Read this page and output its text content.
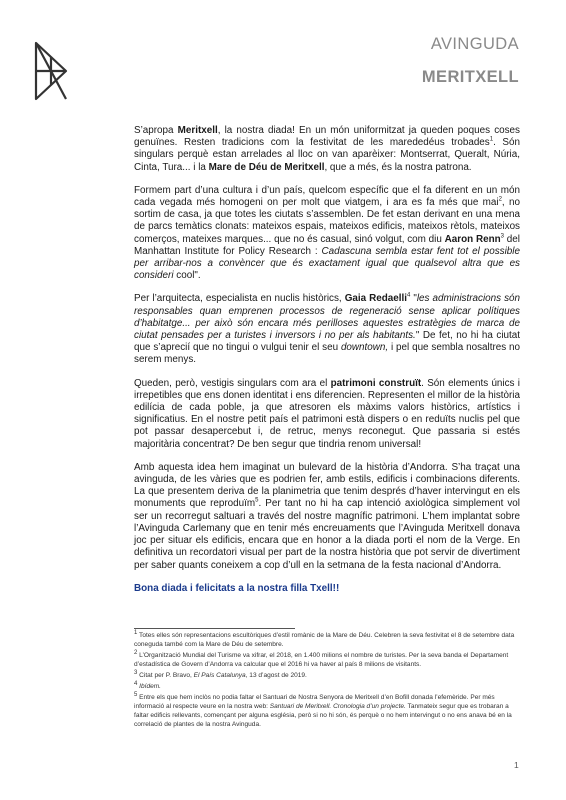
AVINGUDA
MERITXELL

S’apropa Meritxell, la nostra diada! En un món uniformitzat ja queden poques coses genuïnes. Resten tradicions com la festivitat de les marededéus trobades$^1$. Són singulars perquè estan arrelades al lloc on van aparèixer: Montserrat, Queralt, Núria, Cinta, Tura... i la Mare de Déu de Meritxell, que a més, és la nostra patrona.

Formem part d’una cultura i d’un país, quelcom específic que el fa diferent en un món cada vegada més homogeni on per molt que viatgem, i ara es fa més que mai$^2$, no sortim de casa, ja que totes les ciutats s’assemblen. De fet estan derivant en una mena de parcs temàtics clonats: mateixos espais, mateixos edificis, mateixos rètols, mateixos comerços, mateixes marques... que no és casual, sinó volgut, com diu Aaron Renn$^3$ del Manhattan Institute for Policy Research : Cadascuna sembla estar fent tot el possible per arribar-nos a convèncer que és exactament igual que qualsevol altra que es consideri cool".

Per l’arquitecta, especialista en nuclis històrics, Gaia Redaelli$^4$ "les administracions són responsables quan emprenen processos de regeneració sense aplicar polítiques d’habitatge... per això són encara més perilloses aquestes estratègies de marca de ciutat pensades per a turistes i inversors i no per als habitants." De fet, no hi ha ciutat que s’aprecií que no tingui o vulgui tenir el seu downtown, i pel que sembla nosaltres no serem menys.

Queden, però, vestigis singulars com ara el patrimoni construït. Són elements únics i irrepetibles que ens donen identitat i ens diferencien. Representen el millor de la història edilícia de cada poble, ja que atresoren els màxims valors històrics, artístics i significatius. En el nostre petit país el patrimoni està dispers o en reduïts nuclis pel que pot passar desapercebut i, de retruc, menys reconegut. Que passaria si estés majoritària concentrat? De ben segur que tindria renom universal!

Amb aquesta idea hem imaginat un bulevard de la història d’Andorra. S’ha traçat una avinguda, de les vàries que es podrien fer, amb estils, edificis i combinacions diferents. La que presentem deriva de la planimetria que tenim després d’haver intervingut en els monuments que reproduïm$^5$. Per tant no hi ha cap intenció axiològica simplement vol ser un recorregut saltuari a través del nostre magnífic patrimoni. L’hem implantat sobre l’Avinguda Carlemany que en tenir més encreuaments que l’Avinguda Meritxell donava joc per situar els edificis, encara que en honor a la diada porti el nom de la Verge. En definitiva un recordatori visual per part de la nostra història que pot servir de divertiment per saber quants coneixem a cop d’ull en la setmana de la festa nacional d’Andorra.

Bona diada i felicitats a la nostra filla Txell!!

$^1$ Totes elles són representacions escultòriques d’estil romànic de la Mare de Déu. Celebren la seva festivitat el 8 de setembre data coneguda també com la Mare de Déu de setembre.

$^2$ L’Organització Mundial del Turisme va xifrar, el 2018, en 1.400 milions el nombre de turistes. Per la seva banda el Departament d’estadística de Govern d’Andorra va calcular que el 2016 hi va haver al país 8 milions de visitants.

$^3$ Citat per P. Bravo, El País Catalunya, 13 d’agost de 2019.

$^4$ Ibídem.

$^5$ Entre els que hem inclòs no podia faltar el Santuari de Nostra Senyora de Meritxell d’en Bofill donada l’efemèride. Per més informació al respecte veure en la nostra web: Santuari de Meritxell. Cronologia d’un projecte. Tanmateix segur que es trobaran a faltar edificis rellevants, començant per alguna església, però si no hi són, és perquè o no hem intervingut o no ens anava bé en la correlació de plantes de la nostra Avinguda.

1
